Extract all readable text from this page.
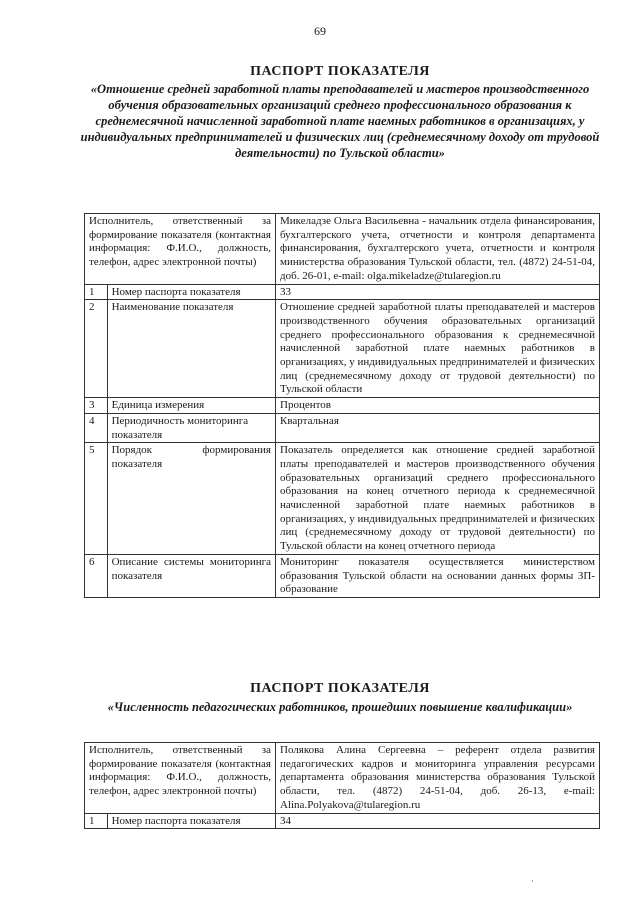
69
ПАСПОРТ ПОКАЗАТЕЛЯ
«Отношение средней заработной платы преподавателей и мастеров производственного обучения образовательных организаций среднего профессионального образования к среднемесячной начисленной заработной плате наемных работников в организациях, у индивидуальных предпринимателей и физических лиц (среднемесячному доходу от трудовой деятельности) по Тульской области»
Исполнитель, ответственный за формирование показателя (контактная информация: Ф.И.О., должность, телефон, адрес электронной почты)		Микеладзе Ольга Васильевна - начальник отдела финансирования, бухгалтерского учета, отчетности и контроля департамента финансирования, бухгалтерского учета, отчетности и контроля министерства образования Тульской области, тел. (4872) 24-51-04, доб. 26-01, e-mail: olga.mikeladze@tularegion.ru
1	Номер паспорта показателя	33
2	Наименование показателя	Отношение средней заработной платы преподавателей и мастеров производственного обучения образовательных организаций среднего профессионального образования к среднемесячной начисленной заработной плате наемных работников в организациях, у индивидуальных предпринимателей и физических лиц (среднемесячному доходу от трудовой деятельности) по Тульской области
3	Единица измерения	Процентов
4	Периодичность мониторинга показателя	Квартальная
5	Порядок формирования показателя	Показатель определяется как отношение средней заработной платы преподавателей и мастеров производственного обучения образовательных организаций среднего профессионального образования на конец отчетного периода к среднемесячной начисленной заработной плате наемных работников в организациях, у индивидуальных предпринимателей и физических лиц (среднемесячному доходу от трудовой деятельности) по Тульской области на конец отчетного периода
6	Описание системы мониторинга показателя	Мониторинг показателя осуществляется министерством образования Тульской области на основании данных формы ЗП-образование
ПАСПОРТ ПОКАЗАТЕЛЯ
«Численность педагогических работников, прошедших повышение квалификации»
Исполнитель, ответственный за формирование показателя (контактная информация: Ф.И.О., должность, телефон, адрес электронной почты)		Полякова Алина Сергеевна – референт отдела развития педагогических кадров и мониторинга управления ресурсами департамента образования министерства образования Тульской области, тел. (4872) 24-51-04, доб. 26-13, e-mail: Alina.Polyakova@tularegion.ru
1	Номер паспорта показателя	34
·
